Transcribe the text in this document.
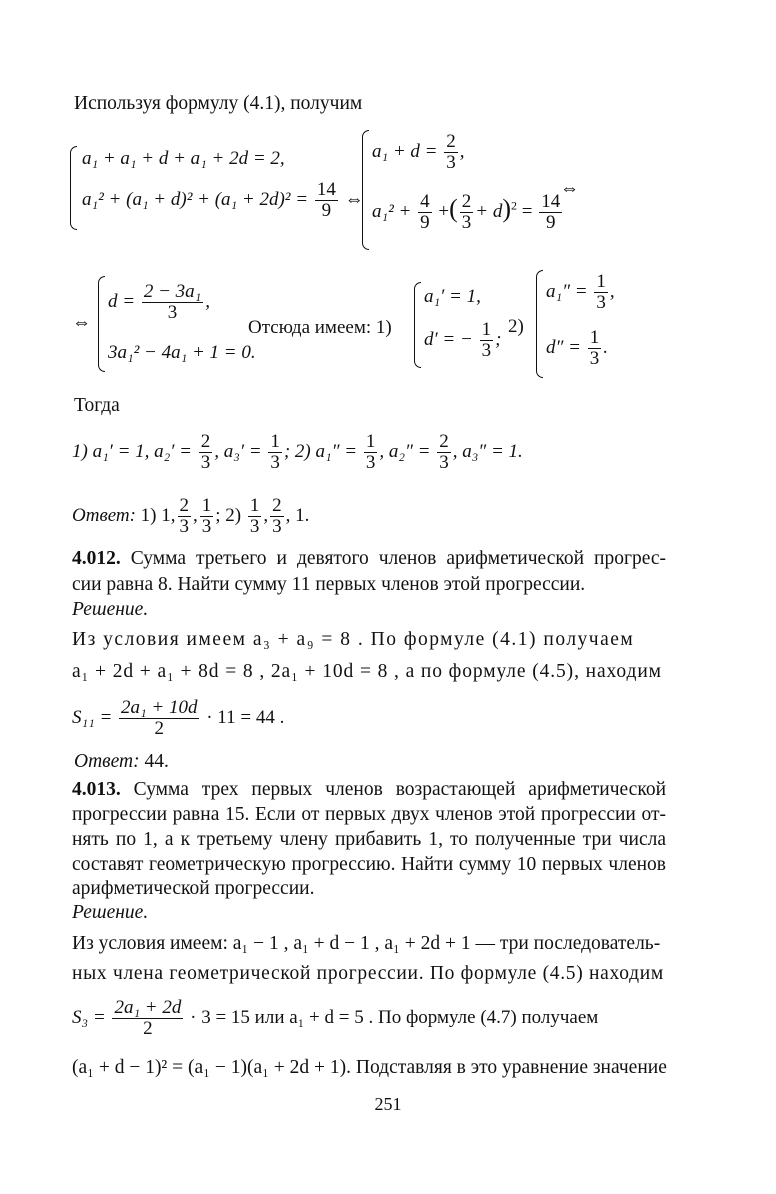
Используя формулу (4.1), получим
a₁ + a₁ + d + a₁ + 2d = 2,
$a_1^2 + (a_1 + d)^2 + (a_1 + 2d)^2 = \frac{14}{9}$ ⇔
$a_1 + d = \frac{2}{3}$ ,
$a_1^2 + \frac{4}{9}$ +( $\frac{2}{3} + d)^2 = \frac{14}{9}$
⇔
⇔
$d = \frac{\text{2 − 3a₁}}{3}$ ,
3a₁² − 4a₁ + 1 = 0.
Отсюда имеем: 1)
a₁′ = 1,
d′ = − $\frac{1}{3}$ ;
2)
$a_1'' = \frac{1}{3}$ ,
$d'' = \frac{1}{3}$ .
Тогда
1) a₁′ = 1, $a_2' = \frac{2}{3}$ , $a_3' = \frac{1}{3}$ ; 2) $a_1'' = \frac{1}{3}$ , $a_2'' = \frac{2}{3}$ , a₃″ = 1.
Ответ: 1) 1, $\frac{2}{3}$ , $\frac{1}{3}$ ; $2) \frac{1}{3}$ , $\frac{2}{3}$ , 1.
4.012. Сумма третьего и девятого членов арифметической прогрес-
сии равна 8. Найти сумму 11 первых членов этой прогрессии.
Решение.
Из условия имеем a₃ + a₉ = 8 . По формуле (4.1) получаем
a₁ + 2d + a₁ + 8d = 8 , 2a₁ + 10d = 8 , а по формуле (4.5), находим
$S_{11} = \frac{\text{2a₁ + 10d}}{2} \cdot 11 = 44$ .
Ответ: 44.
4.013. Сумма трех первых членов возрастающей арифметической
прогрессии равна 15. Если от первых двух членов этой прогрессии от-
нять по 1, а к третьему члену прибавить 1, то полученные три числа
составят геометрическую прогрессию. Найти сумму 10 первых членов
арифметической прогрессии.
Решение.
Из условия имеем: a₁ − 1 , a₁ + d − 1 , a₁ + 2d + 1 — три последователь-
ных члена геометрической прогрессии. По формуле (4.5) находим
$S_3 = \frac{\text{2a₁ + 2d}}{2} \cdot 3 = 15$ или a₁ + d = 5 . По формуле (4.7) получаем
(a₁ + d − 1)² = (a₁ − 1)(a₁ + 2d + 1). Подставляя в это уравнение значение
251
